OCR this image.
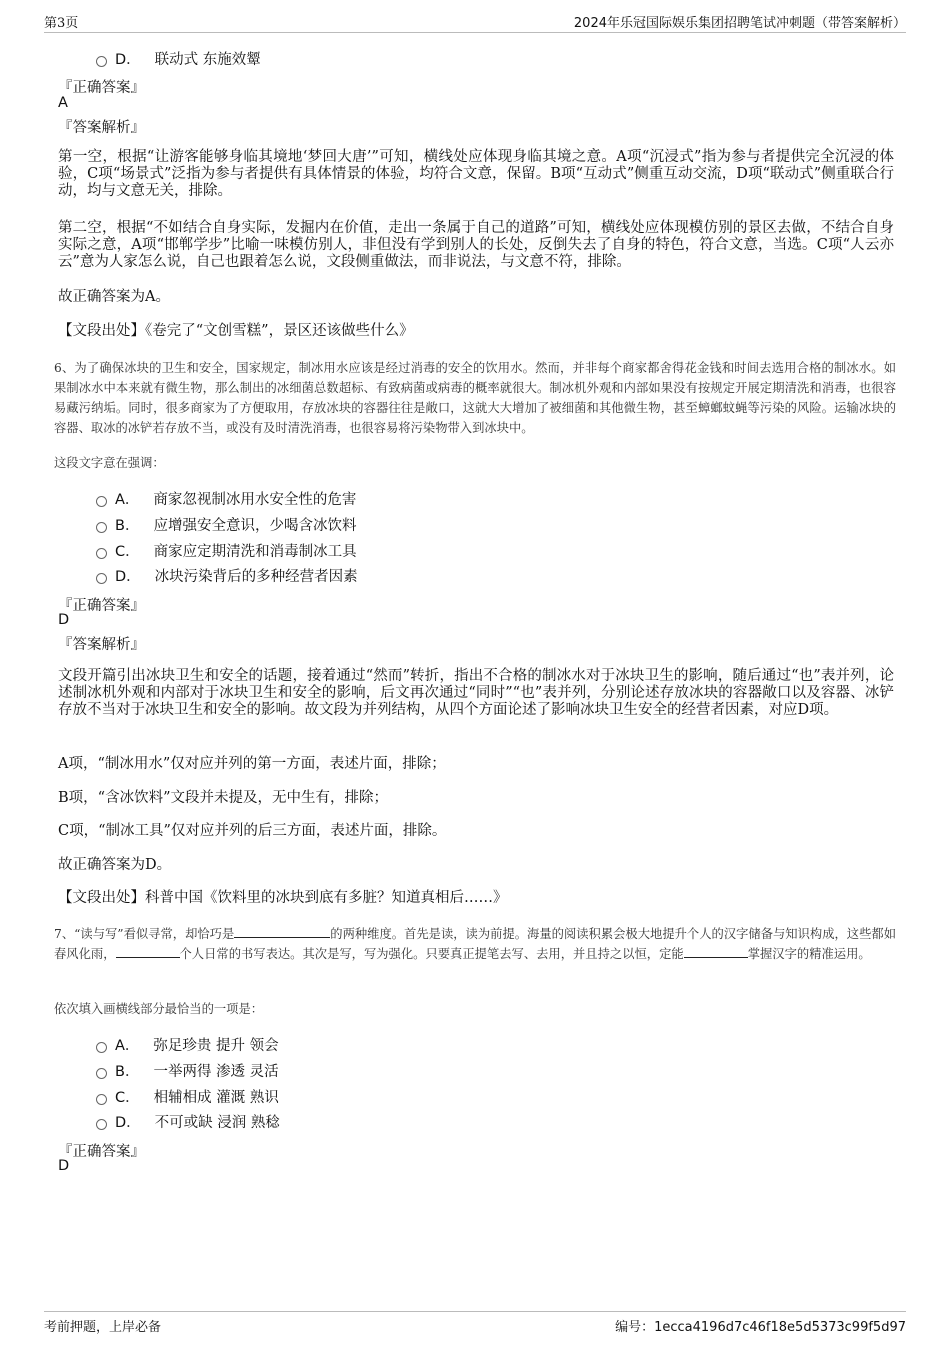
第3页	2024年乐冠国际娱乐集团招聘笔试冲刺题（带答案解析）
D． 联动式 东施效颦
『正确答案』
A
『答案解析』
第一空，根据“让游客能够身临其境地‘梦回大唐’”可知，横线处应体现身临其境之意。A项“沉浸式”指为参与者提供完全沉浸的体验，C项“场景式”泛指为参与者提供有具体情景的体验，均符合文意，保留。B项“互动式”侧重互动交流，D项“联动式”侧重联合行动，均与文意无关，排除。
第二空，根据“不如结合自身实际，发掘内在价值，走出一条属于自己的道路”可知，横线处应体现模仿别的景区去做，不结合自身实际之意，A项“邯郸学步”比喻一味模仿别人，非但没有学到别人的长处，反倒失去了自身的特色，符合文意，当选。C项“人云亦云”意为人家怎么说，自己也跟着怎么说，文段侧重做法，而非说法，与文意不符，排除。
故正确答案为A。
【文段出处】《卷完了“文创雪糕”，景区还该做些什么》
6、为了确保冰块的卫生和安全，国家规定，制冰用水应该是经过消毒的安全的饮用水。然而，并非每个商家都舍得花金钱和时间去选用合格的制冰水。如果制冰水中本来就有微生物，那么制出的冰细菌总数超标、有致病菌或病毒的概率就很大。制冰机外观和内部如果没有按规定开展定期清洗和消毒，也很容易藏污纳垢。同时，很多商家为了方便取用，存放冰块的容器往往是敞口，这就大大增加了被细菌和其他微生物，甚至蟑螂蚊蝇等污染的风险。运输冰块的容器、取冰的冰铲若存放不当，或没有及时清洗消毒，也很容易将污染物带入到冰块中。
这段文字意在强调：
A． 商家忽视制冰用水安全性的危害
B． 应增强安全意识，少喝含冰饮料
C． 商家应定期清洗和消毒制冰工具
D． 冰块污染背后的多种经营者因素
『正确答案』
D
『答案解析』
文段开篇引出冰块卫生和安全的话题，接着通过“然而”转折，指出不合格的制冰水对于冰块卫生的影响，随后通过“也”表并列，论述制冰机外观和内部对于冰块卫生和安全的影响，后文再次通过“同时”“也”表并列，分别论述存放冰块的容器敞口以及容器、冰铲存放不当对于冰块卫生和安全的影响。故文段为并列结构，从四个方面论述了影响冰块卫生安全的经营者因素，对应D项。
A项，“制冰用水”仅对应并列的第一方面，表述片面，排除；
B项，“含冰饮料”文段并未提及，无中生有，排除；
C项，“制冰工具”仅对应并列的后三方面，表述片面，排除。
故正确答案为D。
【文段出处】科普中国《饮料里的冰块到底有多脏？知道真相后……》
7、“读与写”看似寻常，却恰巧是	的两种维度。首先是读，读为前提。海量的阅读积累会极大地提升个人的汉字储备与知识构成，这些都如春风化雨，	个人日常的书写表达。其次是写，写为强化。只要真正提笔去写、去用，并且持之以恒，定能	掌握汉字的精准运用。
依次填入画横线部分最恰当的一项是：
A． 弥足珍贵 提升 领会
B． 一举两得 渗透 灵活
C． 相辅相成 灌溉 熟识
D． 不可或缺 浸润 熟稔
『正确答案』
D
考前押题，上岸必备	编号：1ecca4196d7c46f18e5d5373c99f5d97
